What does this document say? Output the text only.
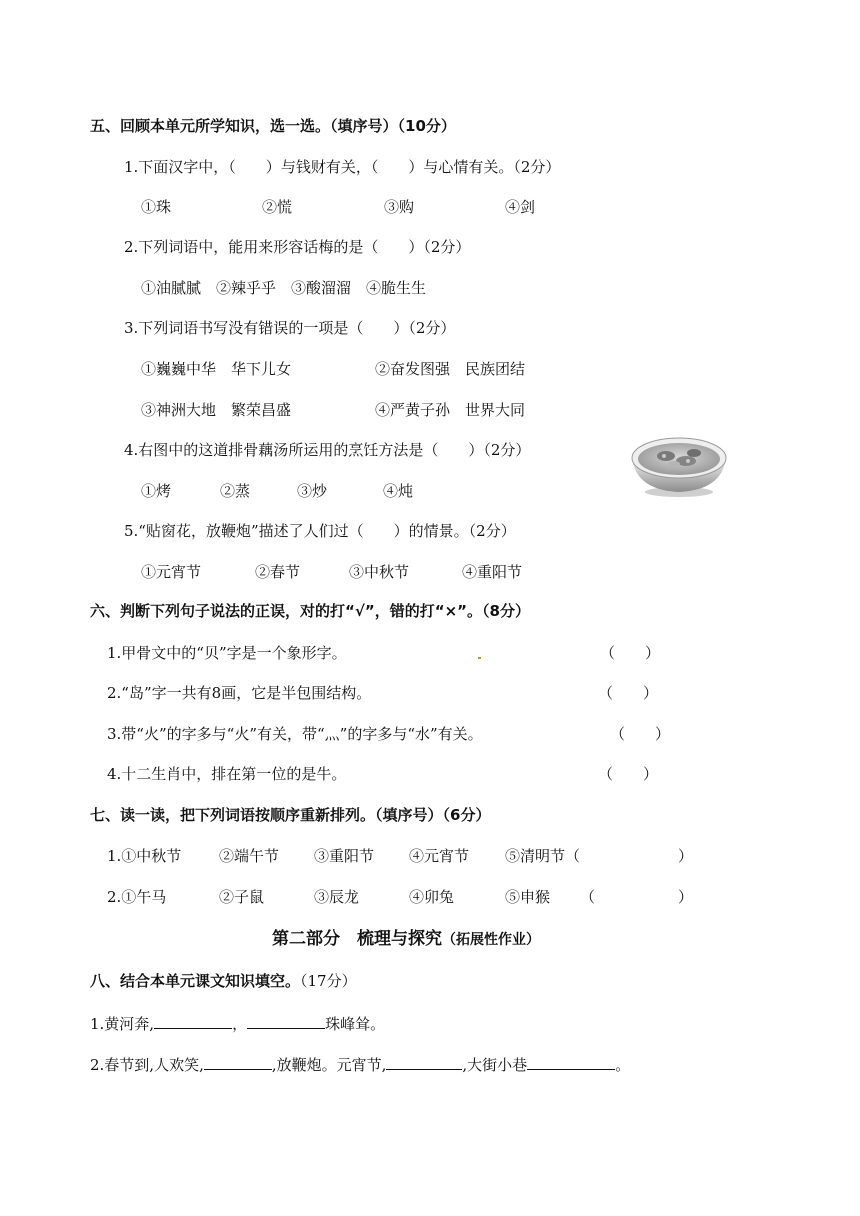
五、回顾本单元所学知识，选一选。（填序号）（10分）
1.下面汉字中，（　　）与钱财有关，（　　）与心情有关。（2分）
①珠	②慌	③购	④剑
2.下列词语中，能用来形容话梅的是（　　）（2分）
①油腻腻　②辣乎乎　③酸溜溜　④脆生生
3.下列词语书写没有错误的一项是（　　）（2分）
①巍巍中华　华下儿女	②奋发图强　民族团结
③神洲大地　繁荣昌盛	④严黄子孙　世界大同
4.右图中的这道排骨藕汤所运用的烹饪方法是（　　）（2分）
①烤	②蒸	③炒	④炖
5.“贴窗花，放鞭炮”描述了人们过（　　）的情景。（2分）
①元宵节	②春节	③中秋节	④重阳节
六、判断下列句子说法的正误，对的打“√”，错的打“×”。（8分）
1.甲骨文中的“贝”字是一个象形字。	（　　）
2.“岛”字一共有8画，它是半包围结构。	（　　）
3.带“火”的字多与“火”有关，带“灬”的字多与“水”有关。	（　　）
4.十二生肖中，排在第一位的是牛。	（　　）
七、读一读，把下列词语按顺序重新排列。（填序号）（6分）
1.①中秋节	②端午节 ③重阳节 ④元宵节 ⑤清明节（	）
2.①午马	②子鼠	③辰龙	④卯兔	⑤申猴 （	）
第二部分　梳理与探究（拓展性作业）
八、结合本单元课文知识填空。（17分）
1.黄河奔,	，	珠峰耸。
2.春节到,人欢笑,	,放鞭炮。元宵节,	,大街小巷	。
